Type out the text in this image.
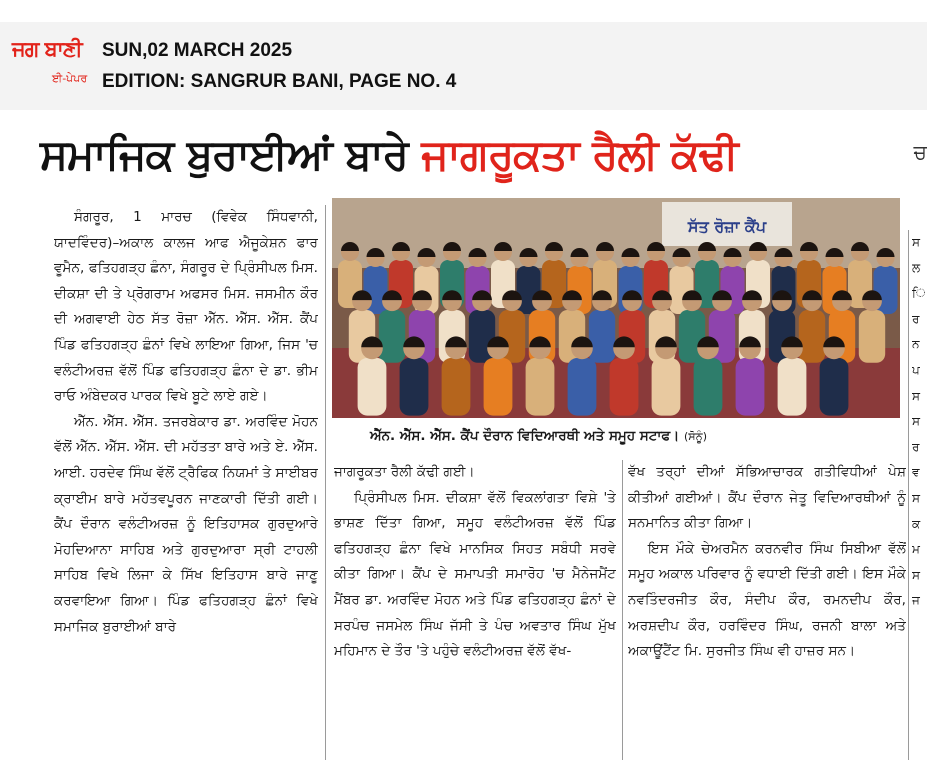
ਜਗ ਬਾਣੀ
ਈ-ਪੇਪਰ
SUN,02 MARCH 2025
EDITION: SANGRUR BANI, PAGE NO. 4
ਸਮਾਜਿਕ ਬੁਰਾਈਆਂ ਬਾਰੇ ਜਾਗਰੂਕਤਾ ਰੈਲੀ ਕੱਢੀ	ਚ

ਸੰਗਰੂਰ, 1 ਮਾਰਚ (ਵਿਵੇਕ ਸਿੰਧਵਾਨੀ, ਯਾਦਵਿੰਦਰ)–ਅਕਾਲ ਕਾਲਜ ਆਫ ਐਜੂਕੇਸ਼ਨ ਫਾਰ ਵੂਮੈਨ, ਫਤਿਹਗੜ੍ਹ ਛੰਨਾ, ਸੰਗਰੂਰ ਦੇ ਪ੍ਰਿੰਸੀਪਲ ਮਿਸ. ਦੀਕਸ਼ਾ ਦੀ ਤੇ ਪ੍ਰੋਗਰਾਮ ਅਫਸਰ ਮਿਸ. ਜਸਮੀਨ ਕੌਰ ਦੀ ਅਗਵਾਈ ਹੇਠ ਸੱਤ ਰੋਜ਼ਾ ਐੱਨ. ਐੱਸ. ਐੱਸ. ਕੈਂਪ ਪਿੰਡ ਫਤਿਹਗੜ੍ਹ ਛੰਨਾਂ ਵਿਖੇ ਲਾਇਆ ਗਿਆ, ਜਿਸ 'ਚ ਵਲੰਟੀਅਰਜ਼ ਵੱਲੋਂ ਪਿੰਡ ਫਤਿਹਗੜ੍ਹ ਛੰਨਾ ਦੇ ਡਾ. ਭੀਮ ਰਾਓ ਅੰਬੇਦਕਰ ਪਾਰਕ ਵਿਖੇ ਬੂਟੇ ਲਾਏ ਗਏ।

ਐੱਨ. ਐੱਸ. ਐੱਸ. ਤਜਰਬੇਕਾਰ ਡਾ. ਅਰਵਿੰਦ ਮੋਹਨ ਵੱਲੋਂ ਐੱਨ. ਐੱਸ. ਐੱਸ. ਦੀ ਮਹੱਤਤਾ ਬਾਰੇ ਅਤੇ ਏ. ਐੱਸ. ਆਈ. ਹਰਦੇਵ ਸਿੰਘ ਵੱਲੋਂ ਟ੍ਰੈਫਿਕ ਨਿਯਮਾਂ ਤੇ ਸਾਈਬਰ ਕ੍ਰਾਈਮ ਬਾਰੇ ਮਹੱਤਵਪੂਰਨ ਜਾਣਕਾਰੀ ਦਿੱਤੀ ਗਈ। ਕੈਂਪ ਦੌਰਾਨ ਵਲੰਟੀਅਰਜ਼ ਨੂੰ ਇਤਿਹਾਸਕ ਗੁਰਦੁਆਰੇ ਮੋਹਦਿਆਨਾ ਸਾਹਿਬ ਅਤੇ ਗੁਰਦੁਆਰਾ ਸ੍ਰੀ ਟਾਹਲੀ ਸਾਹਿਬ ਵਿਖੇ ਲਿਜਾ ਕੇ ਸਿੱਖ ਇਤਿਹਾਸ ਬਾਰੇ ਜਾਣੂ ਕਰਵਾਇਆ ਗਿਆ। ਪਿੰਡ ਫਤਿਹਗੜ੍ਹ ਛੰਨਾਂ ਵਿਖੇ ਸਮਾਜਿਕ ਬੁਰਾਈਆਂ ਬਾਰੇ

ਸੱਤ ਰੋਜ਼ਾ ਕੈਂਪ
ਐੱਨ. ਐੱਸ. ਐੱਸ. ਕੈਂਪ ਦੌਰਾਨ ਵਿਦਿਆਰਥੀ ਅਤੇ ਸਮੂਹ ਸਟਾਫ। (ਸੋਨੂੰ)

ਜਾਗਰੂਕਤਾ ਰੈਲੀ ਕੱਢੀ ਗਈ।

ਪ੍ਰਿੰਸੀਪਲ ਮਿਸ. ਦੀਕਸ਼ਾ ਵੱਲੋਂ ਵਿਕਲਾਂਗਤਾ ਵਿਸ਼ੇ 'ਤੇ ਭਾਸ਼ਣ ਦਿੱਤਾ ਗਿਆ, ਸਮੂਹ ਵਲੰਟੀਅਰਜ਼ ਵੱਲੋਂ ਪਿੰਡ ਫਤਿਹਗੜ੍ਹ ਛੰਨਾ ਵਿਖੇ ਮਾਨਸਿਕ ਸਿਹਤ ਸਬੰਧੀ ਸਰਵੇ ਕੀਤਾ ਗਿਆ। ਕੈਂਪ ਦੇ ਸਮਾਪਤੀ ਸਮਾਰੋਹ 'ਚ ਮੈਨੇਜਮੈਂਟ ਮੈਂਬਰ ਡਾ. ਅਰਵਿੰਦ ਮੋਹਨ ਅਤੇ ਪਿੰਡ ਫਤਿਹਗੜ੍ਹ ਛੰਨਾਂ ਦੇ ਸਰਪੰਚ ਜਸਮੇਲ ਸਿੰਘ ਜੱਸੀ ਤੇ ਪੰਚ ਅਵਤਾਰ ਸਿੰਘ ਮੁੱਖ ਮਹਿਮਾਨ ਦੇ ਤੌਰ 'ਤੇ ਪਹੁੰਚੇ ਵਲੰਟੀਅਰਜ਼ ਵੱਲੋਂ ਵੱਖ-

ਵੱਖ ਤਰ੍ਹਾਂ ਦੀਆਂ ਸੱਭਿਆਚਾਰਕ ਗਤੀਵਿਧੀਆਂ ਪੇਸ਼ ਕੀਤੀਆਂ ਗਈਆਂ। ਕੈਂਪ ਦੌਰਾਨ ਜੇਤੂ ਵਿਦਿਆਰਥੀਆਂ ਨੂੰ ਸਨਮਾਨਿਤ ਕੀਤਾ ਗਿਆ।

ਇਸ ਮੌਕੇ ਚੇਅਰਮੈਨ ਕਰਨਵੀਰ ਸਿੰਘ ਸਿਬੀਆ ਵੱਲੋਂ ਸਮੂਹ ਅਕਾਲ ਪਰਿਵਾਰ ਨੂੰ ਵਧਾਈ ਦਿੱਤੀ ਗਈ। ਇਸ ਮੌਕੇ ਨਵਤਿੰਦਰਜੀਤ ਕੌਰ, ਸੰਦੀਪ ਕੌਰ, ਰਮਨਦੀਪ ਕੌਰ, ਅਰਸ਼ਦੀਪ ਕੌਰ, ਹਰਵਿੰਦਰ ਸਿੰਘ, ਰਜਨੀ ਬਾਲਾ ਅਤੇ ਅਕਾਊਂਟੈਂਟ ਮਿ. ਸੁਰਜੀਤ ਸਿੰਘ ਵੀ ਹਾਜ਼ਰ ਸਨ।

ਸ ਲ ਿ ਰ ਨ ਪ ਸ ਸ ਰ ਵ ਸ ਕ ਮ ਸ ਜ
